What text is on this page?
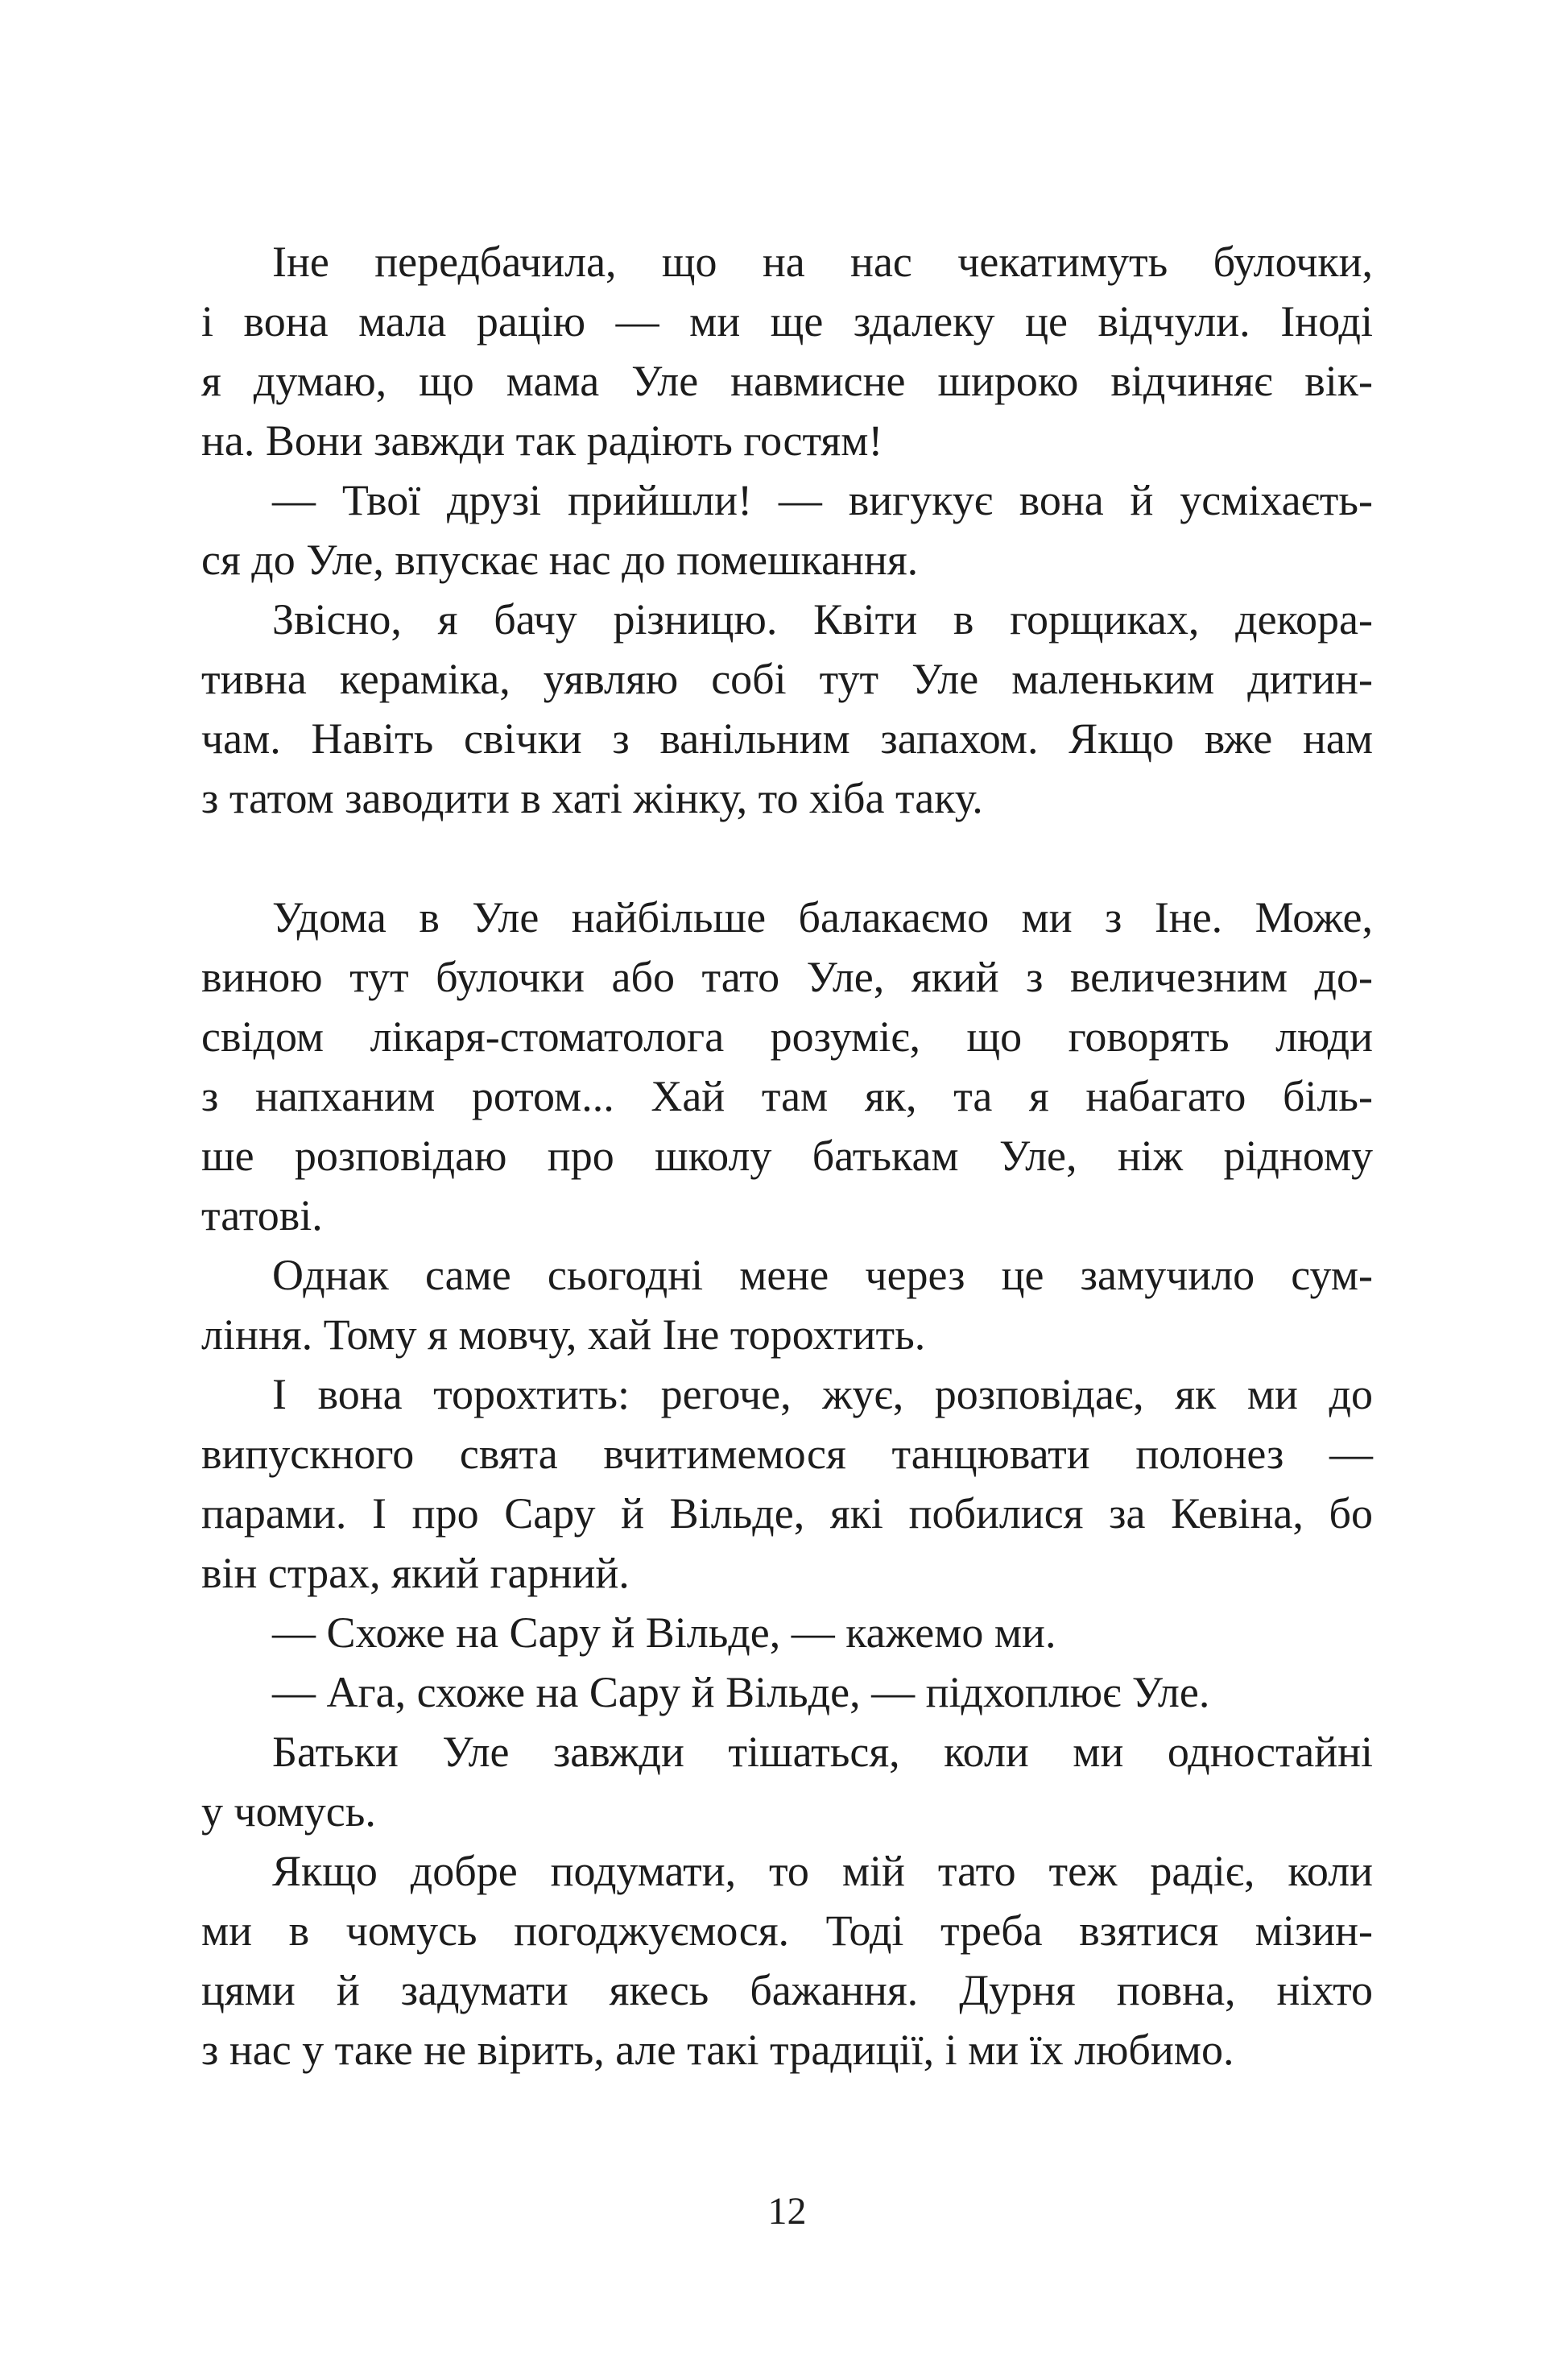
Іне передбачила, що на нас чекатимуть булочки,
і вона мала рацію — ми ще здалеку це відчули. Іноді
я думаю, що мама Уле навмисне широко відчиняє вік-
на. Вони завжди так радіють гостям!
— Твої друзі прийшли! — вигукує вона й усміхаєть-
ся до Уле, впускає нас до помешкання.
Звісно, я бачу різницю. Квіти в горщиках, декора-
тивна кераміка, уявляю собі тут Уле маленьким дитин-
чам. Навіть свічки з ванільним запахом. Якщо вже нам
з татом заводити в хаті жінку, то хіба таку.
Удома в Уле найбільше балакаємо ми з Іне. Може,
виною тут булочки або тато Уле, який з величезним до-
свідом лікаря-стоматолога розуміє, що говорять люди
з напханим ротом... Хай там як, та я набагато біль-
ше розповідаю про школу батькам Уле, ніж рідному
татові.
Однак саме сьогодні мене через це замучило сум-
ління. Тому я мовчу, хай Іне торохтить.
І вона торохтить: регоче, жує, розповідає, як ми до
випускного свята вчитимемося танцювати полонез —
парами. І про Сару й Вільде, які побилися за Кевіна, бо
він страх, який гарний.
— Схоже на Сару й Вільде, — кажемо ми.
— Ага, схоже на Сару й Вільде, — підхоплює Уле.
Батьки Уле завжди тішаться, коли ми одностайні
у чомусь.
Якщо добре подумати, то мій тато теж радіє, коли
ми в чомусь погоджуємося. Тоді треба взятися мізин-
цями й задумати якесь бажання. Дурня повна, ніхто
з нас у таке не вірить, але такі традиції, і ми їх любимо.
12
